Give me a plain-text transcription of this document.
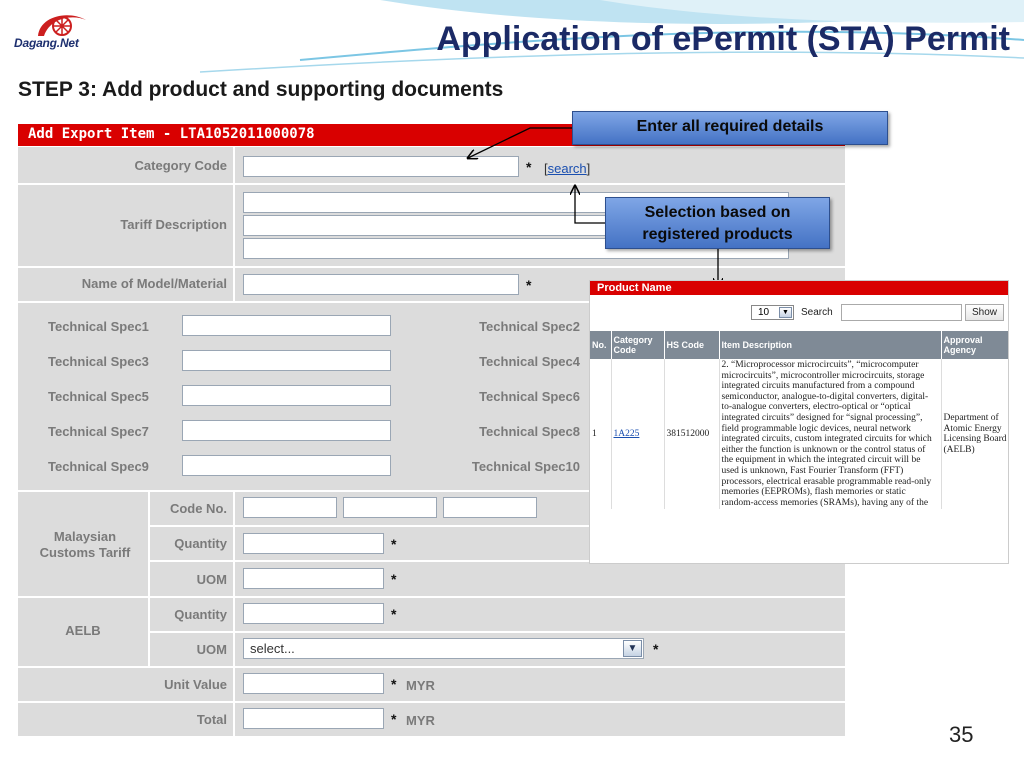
Dagang.Net	Application of ePermit (STA) Permit
STEP 3: Add product and supporting documents
Add Export Item - LTA1052011000078
Category Code	* [search]
Tariff Description
Name of Model/Material	*
Technical Spec1	Technical Spec2
Technical Spec3	Technical Spec4
Technical Spec5	Technical Spec6
Technical Spec7	Technical Spec8
Technical Spec9	Technical Spec10
Malaysian Customs Tariff
Code No.
Quantity	*
UOM	*
AELB
Quantity	*
UOM	select...	▼	*
Unit Value	* MYR
Total	* MYR
Enter all required details
Selection based on
registered products
Product Name
10	▼	Search	Show
No.	Category Code	HS Code	Item Description	Approval Agency
1	1A225	381512000	2. “Microprocessor microcircuits”, “microcomputer microcircuits”, microcontroller microcircuits, storage integrated circuits manufactured from a compound semiconductor, analogue-to-digital converters, digital-to-analogue converters, electro-optical or “optical integrated circuits” designed for “signal processing”, field programmable logic devices, neural network integrated circuits, custom integrated circuits for which either the function is unknown or the control status of the equipment in which the integrated circuit will be used is unknown, Fast Fourier Transform (FFT) processors, electrical erasable programmable read-only memories (EEPROMs), flash memories or static random-access memories (SRAMs), having any of the	Department of Atomic Energy Licensing Board (AELB)
35
